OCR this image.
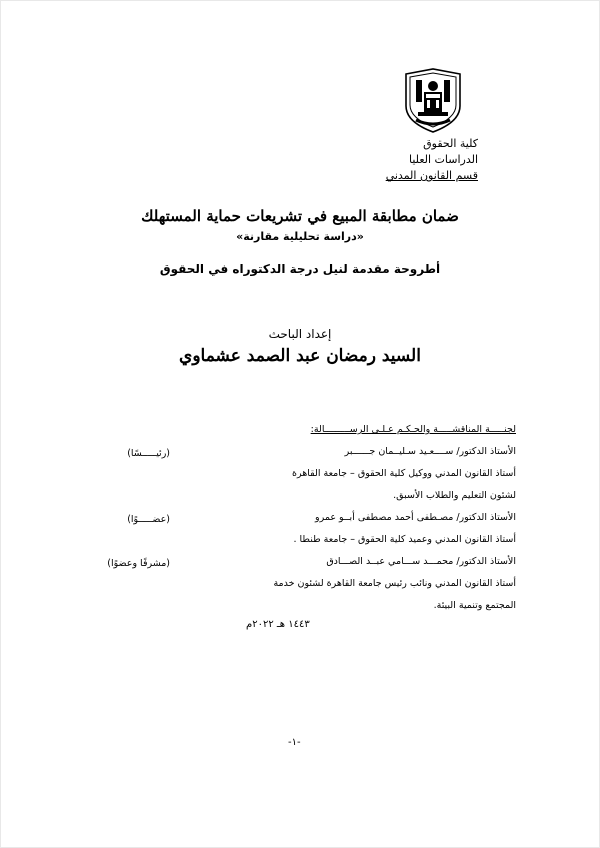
كلية الحقوق
الدراسات العليا
قسم القانون المدني
ضمان مطابقة المبيع في تشريعات حماية المستهلك
«دراسة تحليلية مقارنة»
أطروحة مقدمة لنيل درجة الدكتوراه في الحقوق
إعداد الباحث
السيد رمضان عبد الصمد عشماوي
لجنـــــة المناقشـــــة والحـكـم عـلـى الرســـــــــالة:
الأستاذ الدكتور/ ســــعـيد سـليــمان جــــــبر
أستاذ القانون المدني ووكيل كلية الحقوق – جامعة القاهرة
لشئون التعليم والطلاب الأسبق.
الأستاذ الدكتور/ مصـطفى أحمد مصطفى أبــو عمرو
أستاذ القانون المدني وعميد كلية الحقوق – جامعة طنطا .
الأستاذ الدكتور/ محمـــد ســـامي عبــد الصـــادق
أستاذ القانون المدني ونائب رئيس جامعة القاهرة لشئون خدمة
المجتمع وتنمية البيئة.
(رئيـــــسًا)
(عضـــــوًا)
(مشرفًا وعضوًا)
١٤٤٣ هـ ٢٠٢٢م
-١-
